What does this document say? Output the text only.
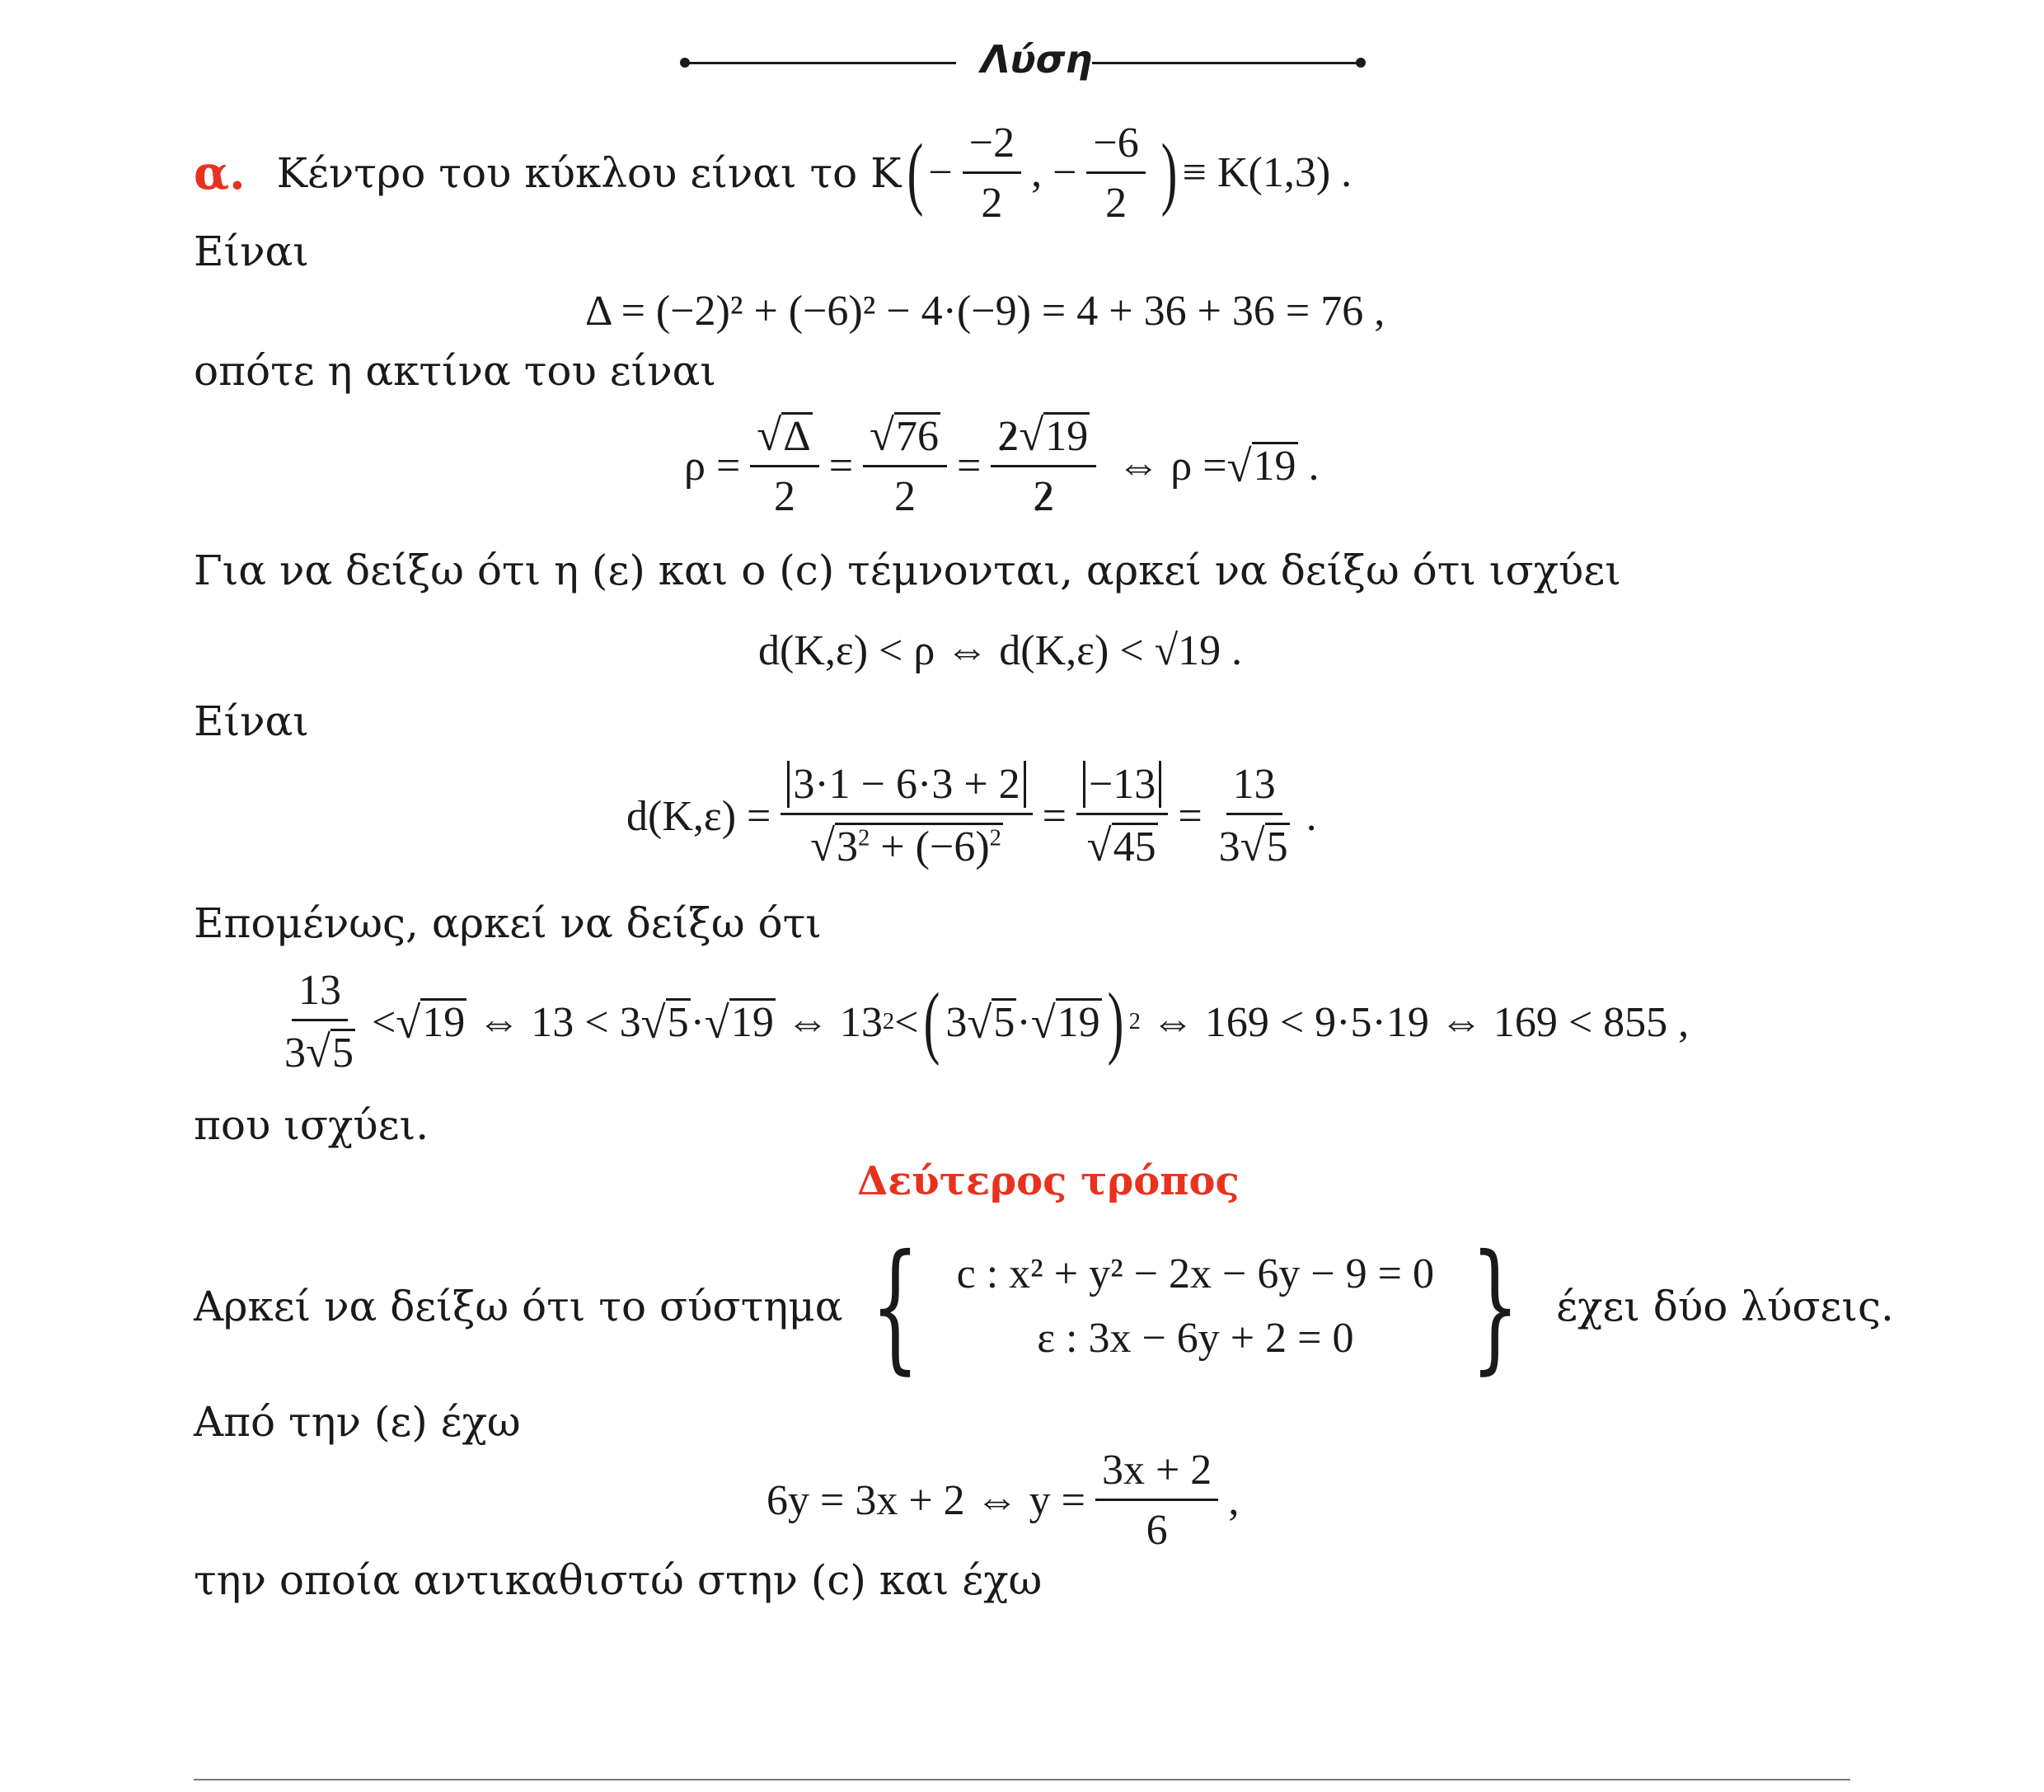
Λύση
α. Κέντρο του κύκλου είναι το K ( − $\frac{-2}{2}$ , − $\frac{-6}{2}$ ) ≡ K(1,3) .
Είναι
Δ = (−2)² + (−6)² − 4·(−9) = 4 + 36 + 36 = 76 ,
οπότε η ακτίνα του είναι
$\rho = \frac{√\Delta}{2} = \frac{√76}{2} = \frac{2√19}{2}$ ⇔ ρ = √ 19 .
Για να δείξω ότι η (ε) και ο (c) τέμνονται, αρκεί να δείξω ότι ισχύει
d(K,ε) < ρ ⇔ d(K,ε) < √19 .
Είναι
$d(K,\varepsilon) = \frac{3\cdot 1 - 6\cdot 3 + 2}{√3^2 + (-6)^2} = \frac{-13}{√45} = \frac{13}{3√5}$ .
Επομένως, αρκεί να δείξω ότι
$\frac{13}{3√5}$ < √ 19 ⇔ 13 < 3 √ 5 · √ 19 ⇔ 13 2 < ( 3 √ 5 · √ 19 ) 2 ⇔ 169 < 9·5·19 ⇔ 169 < 855 ,
που ισχύει.
Δεύτερος τρόπος
Αρκεί να δείξω ότι το σύστημα { c : x² + y² − 2x − 6y − 9 = 0
ε : 3x − 6y + 2 = 0 } έχει δύο λύσεις.
Από την (ε) έχω
6y = 3x + 2 ⇔ $y = \frac{3x + 2}{6}$ ,
την οποία αντικαθιστώ στην (c) και έχω
